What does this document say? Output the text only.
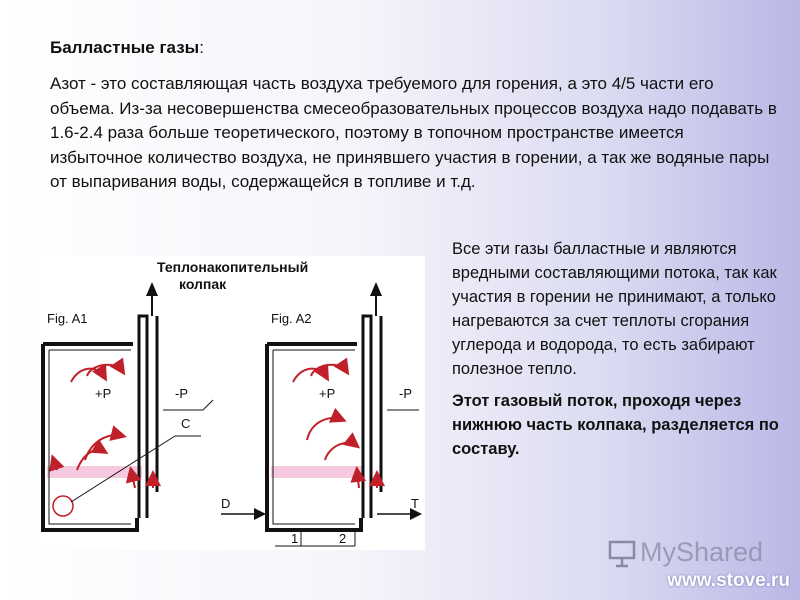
Балластные газы:
Азот - это составляющая часть воздуха требуемого для горения, а это 4/5 части его объема. Из-за несовершенства смесеобразовательных процессов воздуха надо подавать в 1.6-2.4 раза больше теоретического, поэтому в топочном пространстве имеется избыточное количество воздуха, не принявшего участия в горении, а так же водяные пары от выпаривания воды, содержащейся в топливе и т.д.
Все эти газы балластные и являются вредными составляющими потока, так как участия в горении не принимают, а только нагреваются за счет теплоты сгорания углерода и водорода, то есть забирают полезное тепло.
Этот газовый поток, проходя через нижнюю часть колпака, разделяется по составу.
Теплонакопительный
колпак
Fig. A1
C
+P	-P
Fig. A2
+P	-P
D	T
1	2	MyShared
www.stove.ru
